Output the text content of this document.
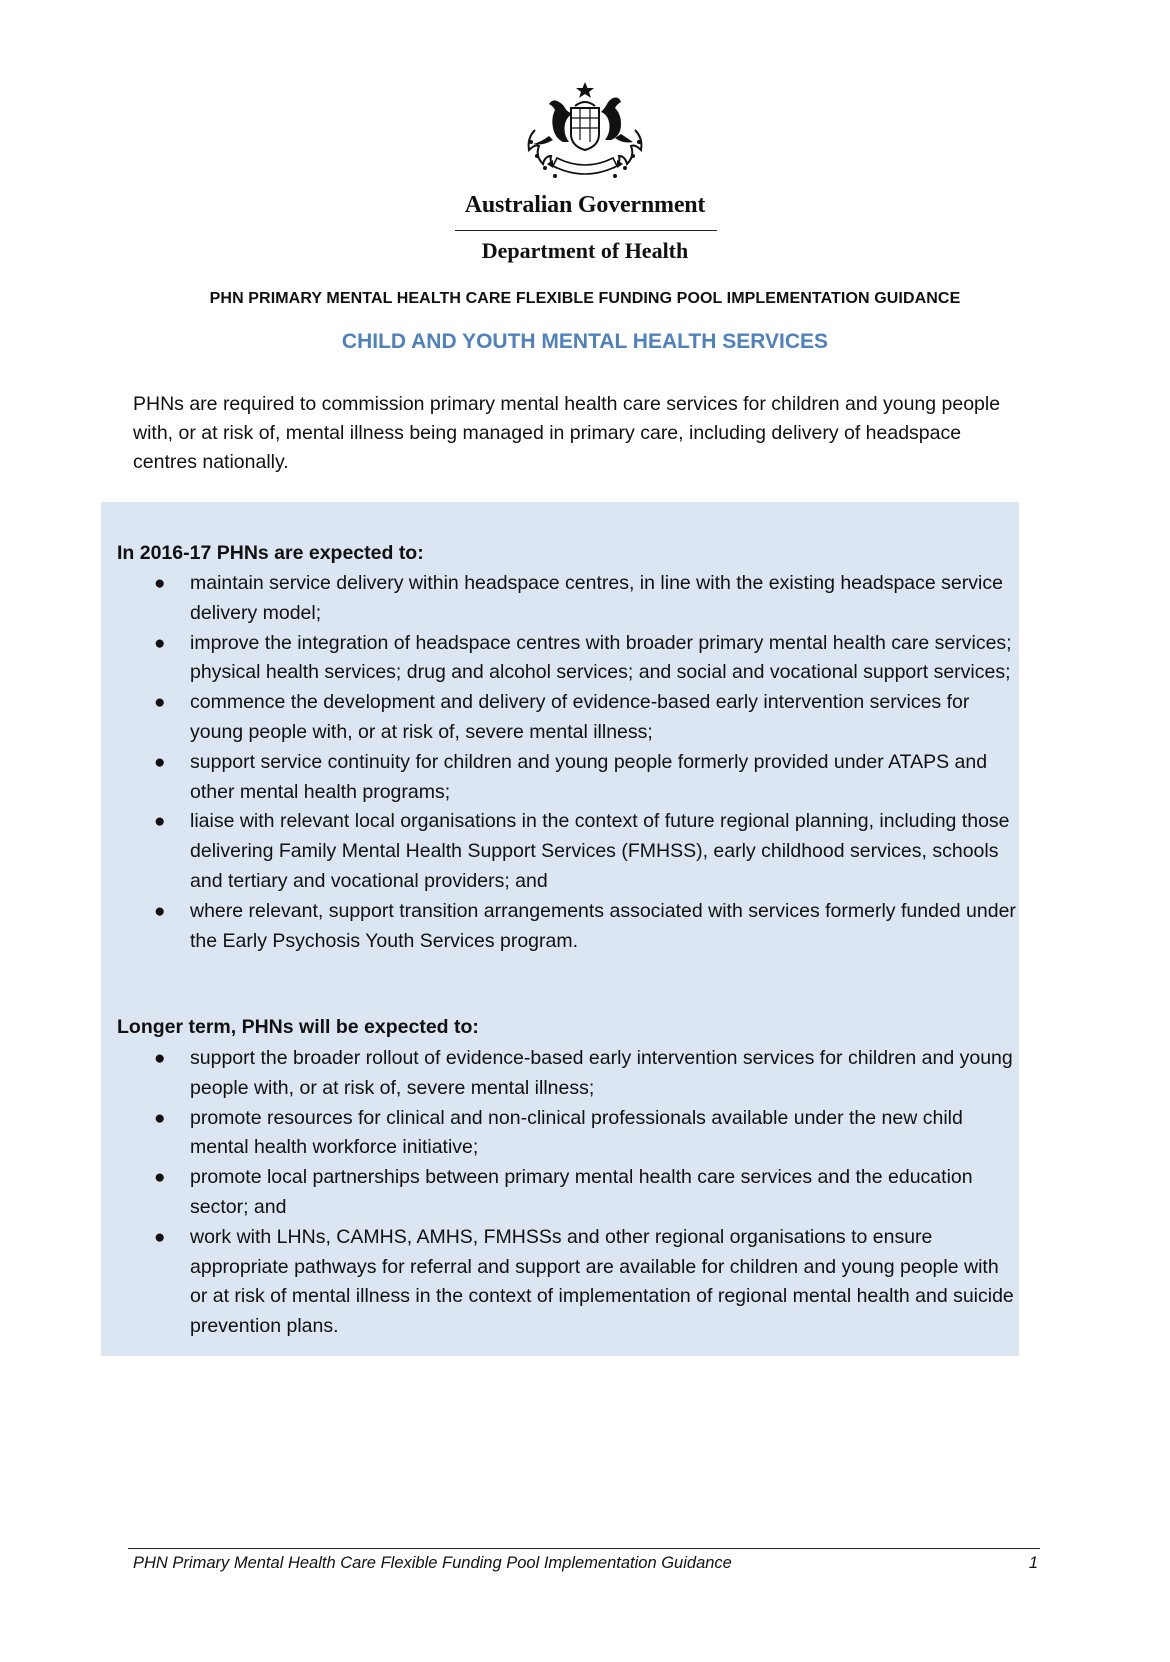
Australian Government
Department of Health
PHN PRIMARY MENTAL HEALTH CARE FLEXIBLE FUNDING POOL IMPLEMENTATION GUIDANCE
CHILD AND YOUTH MENTAL HEALTH SERVICES

PHNs are required to commission primary mental health care services for children and young people with, or at risk of, mental illness being managed in primary care, including delivery of headspace centres nationally.

In 2016-17 PHNs are expected to:

● maintain service delivery within headspace centres, in line with the existing headspace service delivery model;
● improve the integration of headspace centres with broader primary mental health care services; physical health services; drug and alcohol services; and social and vocational support services;
● commence the development and delivery of evidence-based early intervention services for young people with, or at risk of, severe mental illness;
● support service continuity for children and young people formerly provided under ATAPS and other mental health programs;
● liaise with relevant local organisations in the context of future regional planning, including those delivering Family Mental Health Support Services (FMHSS), early childhood services, schools and tertiary and vocational providers; and
● where relevant, support transition arrangements associated with services formerly funded under the Early Psychosis Youth Services program.

Longer term, PHNs will be expected to:

● support the broader rollout of evidence-based early intervention services for children and young people with, or at risk of, severe mental illness;
● promote resources for clinical and non-clinical professionals available under the new child mental health workforce initiative;
● promote local partnerships between primary mental health care services and the education sector; and
● work with LHNs, CAMHS, AMHS, FMHSSs and other regional organisations to ensure appropriate pathways for referral and support are available for children and young people with or at risk of mental illness in the context of implementation of regional mental health and suicide prevention plans.
PHN Primary Mental Health Care Flexible Funding Pool Implementation Guidance	1
